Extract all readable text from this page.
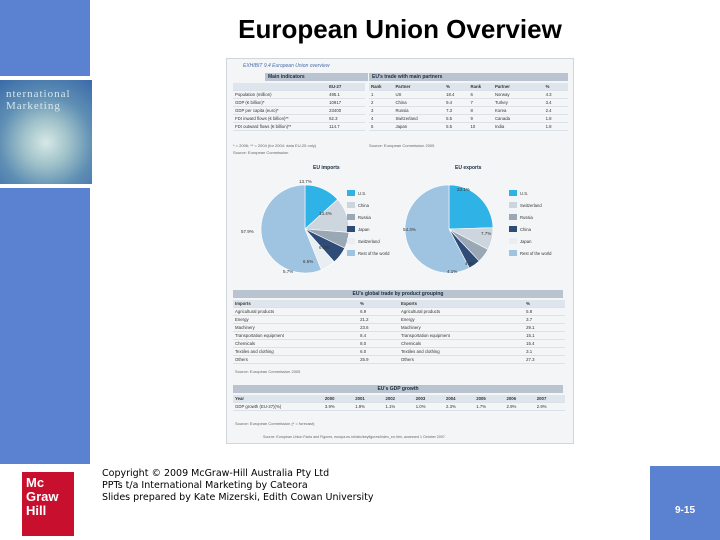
nternational
Marketing
European Union Overview
EXHIBIT 9.4 European Union overview
Main indicators
EU-27
Population (million)	495.1
GDP (€ billion)*	10917
GDP per capita (euro)*	23400
FDI inward flows (€ billion)**	62.3
FDI outward flows (€ billion)**	114.7
* = 2006; ** = 2004 (for 2004: data EU-25 only)
Source: European Commission
EU's trade with main partners
Rank	Partner	%	Rank	Partner	%
1	US	18.4	6	Norway	4.3
2	China	9.4	7	Turkey	3.4
3	Russia	7.3	8	Korea	2.4
4	Switzerland	5.5	9	Canada	1.8
5	Japan	5.5	10	India	1.8
Source: European Commission 2005
EU imports	EU exports
13.7%
13.4%
57.9%
6.1%
6.5%
5.7%
U.S.
China
Russia
Japan
Switzerland
Rest of the world
23.1%
54.3%
7.7%
4.98
4.1%
U.S.
Switzerland
Russia
China
Japan
Rest of the world
EU's global trade by product grouping
Imports	%	Exports	%
Agricultural products	6.9	Agricultural products	5.8
Energy	21.2	Energy	3.7
Machinery	23.6	Machinery	29.1
Transportation equipment	8.4	Transportation equipment	15.1
Chemicals	8.0	Chemicals	15.4
Textiles and clothing	6.0	Textiles and clothing	3.1
Others	25.9	Others	27.3
Source: European Commission 2005
EU's GDP growth
Year	2000	2001	2002	2003	2004	2005	2006	2007
GDP growth (EU-27)(%)	3.9%	1.9%	1.1%	1.0%	2.3%	1.7%	2.9%	2.9%
Source: European Commission (* = forecast)
Source: European Union Facts and Figures, europa.eu.int/abc/keyfigures/index_en.htm, accessed 1 October 2007.
Mc
Graw
Hill
Copyright © 2009 McGraw-Hill Australia Pty Ltd
PPTs t/a International Marketing by Cateora
Slides prepared by Kate Mizerski, Edith Cowan University
9-15
